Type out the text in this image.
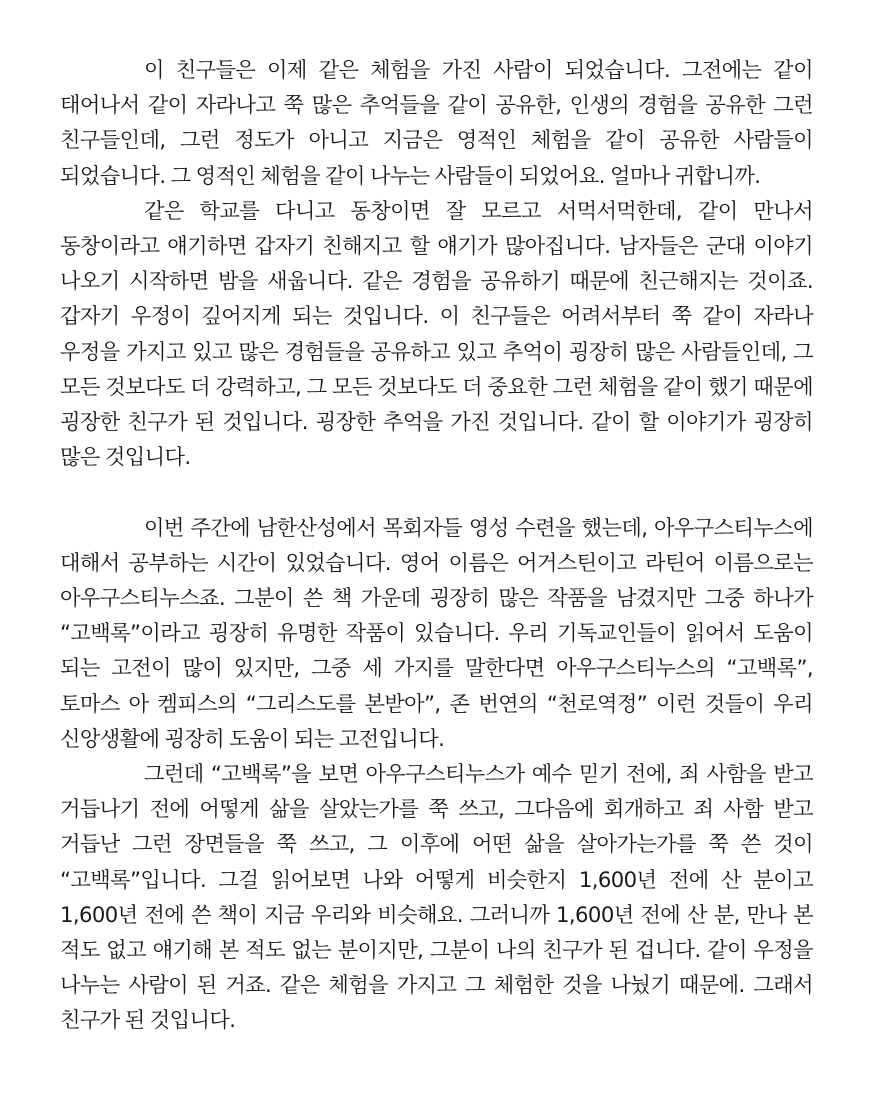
이 친구들은 이제 같은 체험을 가진 사람이 되었습니다. 그전에는 같이 태어나서 같이 자라나고 쭉 많은 추억들을 같이 공유한, 인생의 경험을 공유한 그런 친구들인데, 그런 정도가 아니고 지금은 영적인 체험을 같이 공유한 사람들이 되었습니다. 그 영적인 체험을 같이 나누는 사람들이 되었어요. 얼마나 귀합니까.

같은 학교를 다니고 동창이면 잘 모르고 서먹서먹한데, 같이 만나서 동창이라고 얘기하면 갑자기 친해지고 할 얘기가 많아집니다. 남자들은 군대 이야기 나오기 시작하면 밤을 새웁니다. 같은 경험을 공유하기 때문에 친근해지는 것이죠. 갑자기 우정이 깊어지게 되는 것입니다. 이 친구들은 어려서부터 쭉 같이 자라나 우정을 가지고 있고 많은 경험들을 공유하고 있고 추억이 굉장히 많은 사람들인데, 그 모든 것보다도 더 강력하고, 그 모든 것보다도 더 중요한 그런 체험을 같이 했기 때문에 굉장한 친구가 된 것입니다. 굉장한 추억을 가진 것입니다. 같이 할 이야기가 굉장히 많은 것입니다.

이번 주간에 남한산성에서 목회자들 영성 수련을 했는데, 아우구스티누스에 대해서 공부하는 시간이 있었습니다. 영어 이름은 어거스틴이고 라틴어 이름으로는 아우구스티누스죠. 그분이 쓴 책 가운데 굉장히 많은 작품을 남겼지만 그중 하나가 “고백록”이라고 굉장히 유명한 작품이 있습니다. 우리 기독교인들이 읽어서 도움이 되는 고전이 많이 있지만, 그중 세 가지를 말한다면 아우구스티누스의 “고백록”, 토마스 아 켐피스의 “그리스도를 본받아”, 존 번연의 “천로역정” 이런 것들이 우리 신앙생활에 굉장히 도움이 되는 고전입니다.

그런데 “고백록”을 보면 아우구스티누스가 예수 믿기 전에, 죄 사함을 받고 거듭나기 전에 어떻게 삶을 살았는가를 쭉 쓰고, 그다음에 회개하고 죄 사함 받고 거듭난 그런 장면들을 쭉 쓰고, 그 이후에 어떤 삶을 살아가는가를 쭉 쓴 것이 “고백록”입니다. 그걸 읽어보면 나와 어떻게 비슷한지 1,600년 전에 산 분이고 1,600년 전에 쓴 책이 지금 우리와 비슷해요. 그러니까 1,600년 전에 산 분, 만나 본 적도 없고 얘기해 본 적도 없는 분이지만, 그분이 나의 친구가 된 겁니다. 같이 우정을 나누는 사람이 된 거죠. 같은 체험을 가지고 그 체험한 것을 나눴기 때문에. 그래서 친구가 된 것입니다.
